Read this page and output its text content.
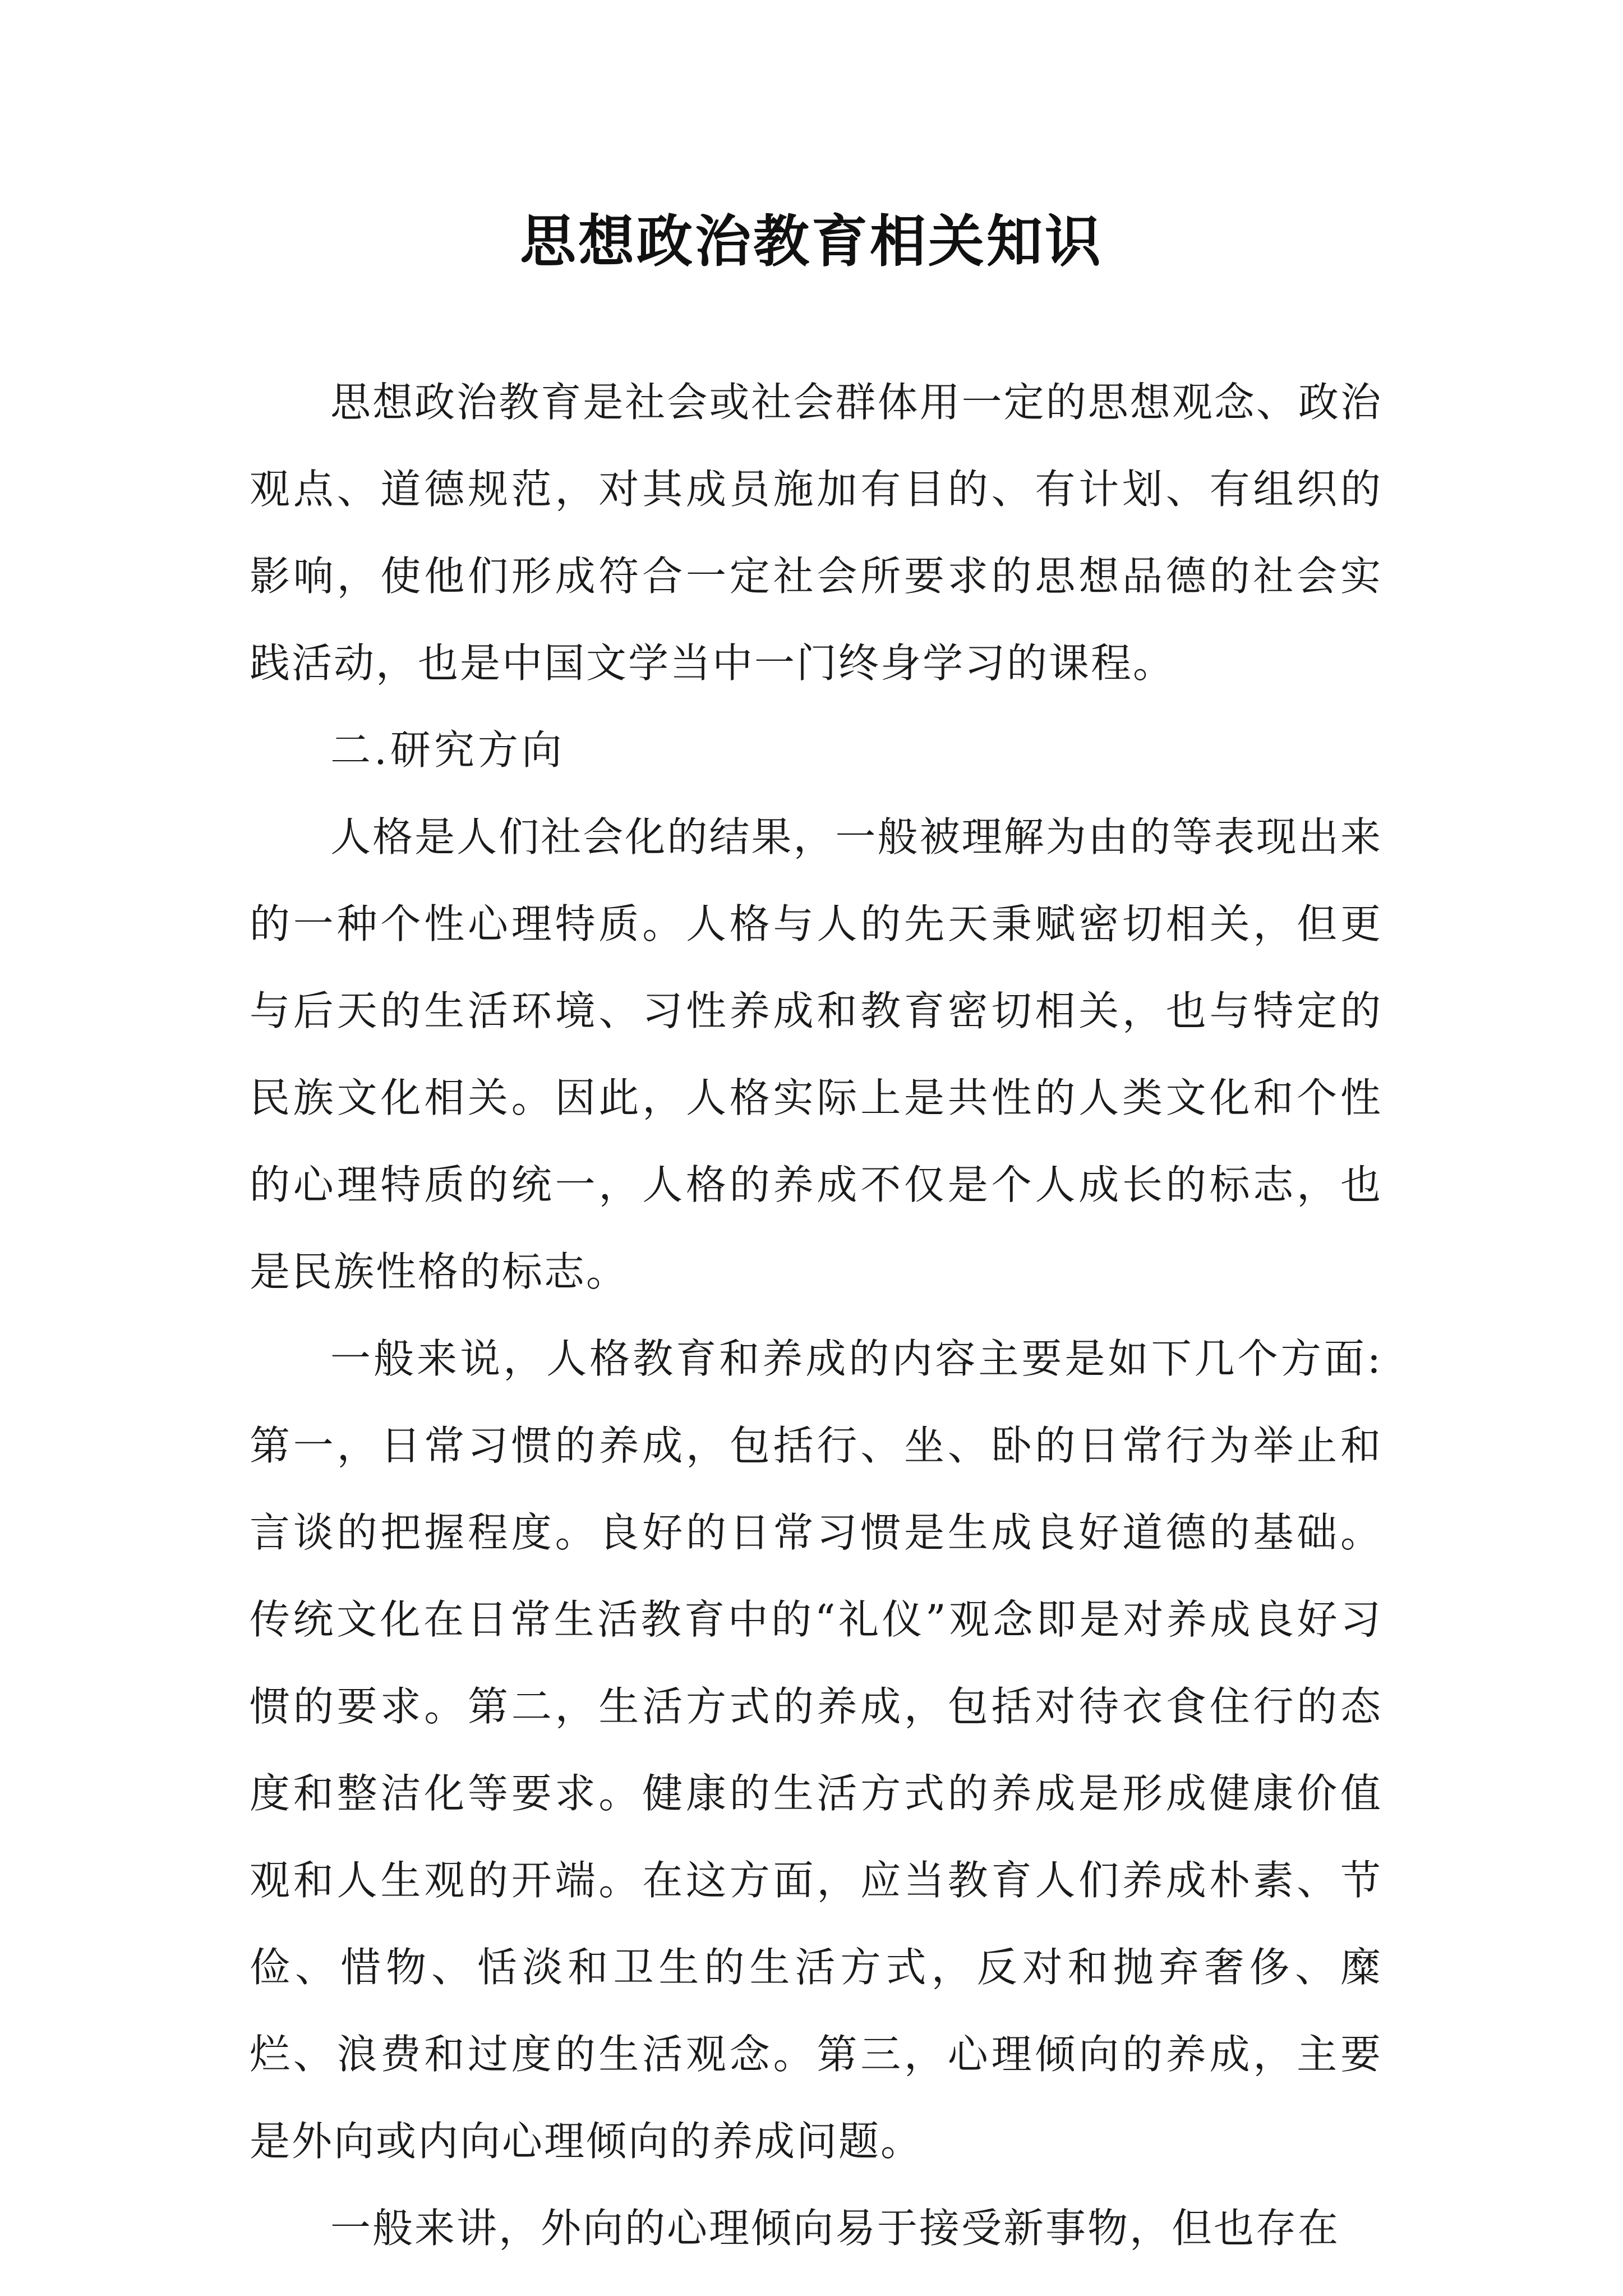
思想政治教育相关知识

思想政治教育是社会或社会群体用一定的思想观念、政治观点、道德规范，对其成员施加有目的、有计划、有组织的影响，使他们形成符合一定社会所要求的思想品德的社会实践活动，也是中国文学当中一门终身学习的课程。

二.研究方向

人格是人们社会化的结果，一般被理解为由的等表现出来的一种个性心理特质。人格与人的先天秉赋密切相关，但更与后天的生活环境、习性养成和教育密切相关，也与特定的民族文化相关。因此，人格实际上是共性的人类文化和个性的心理特质的统一，人格的养成不仅是个人成长的标志，也是民族性格的标志。

一般来说，人格教育和养成的内容主要是如下几个方面:第一，日常习惯的养成，包括行、坐、卧的日常行为举止和言谈的把握程度。良好的日常习惯是生成良好道德的基础。传统文化在日常生活教育中的“礼仪”观念即是对养成良好习惯的要求。第二，生活方式的养成，包括对待衣食住行的态度和整洁化等要求。健康的生活方式的养成是形成健康价值观和人生观的开端。在这方面，应当教育人们养成朴素、节俭、惜物、恬淡和卫生的生活方式，反对和抛弃奢侈、糜烂、浪费和过度的生活观念。第三，心理倾向的养成，主要是外向或内向心理倾向的养成问题。

一般来讲，外向的心理倾向易于接受新事物，但也存在
